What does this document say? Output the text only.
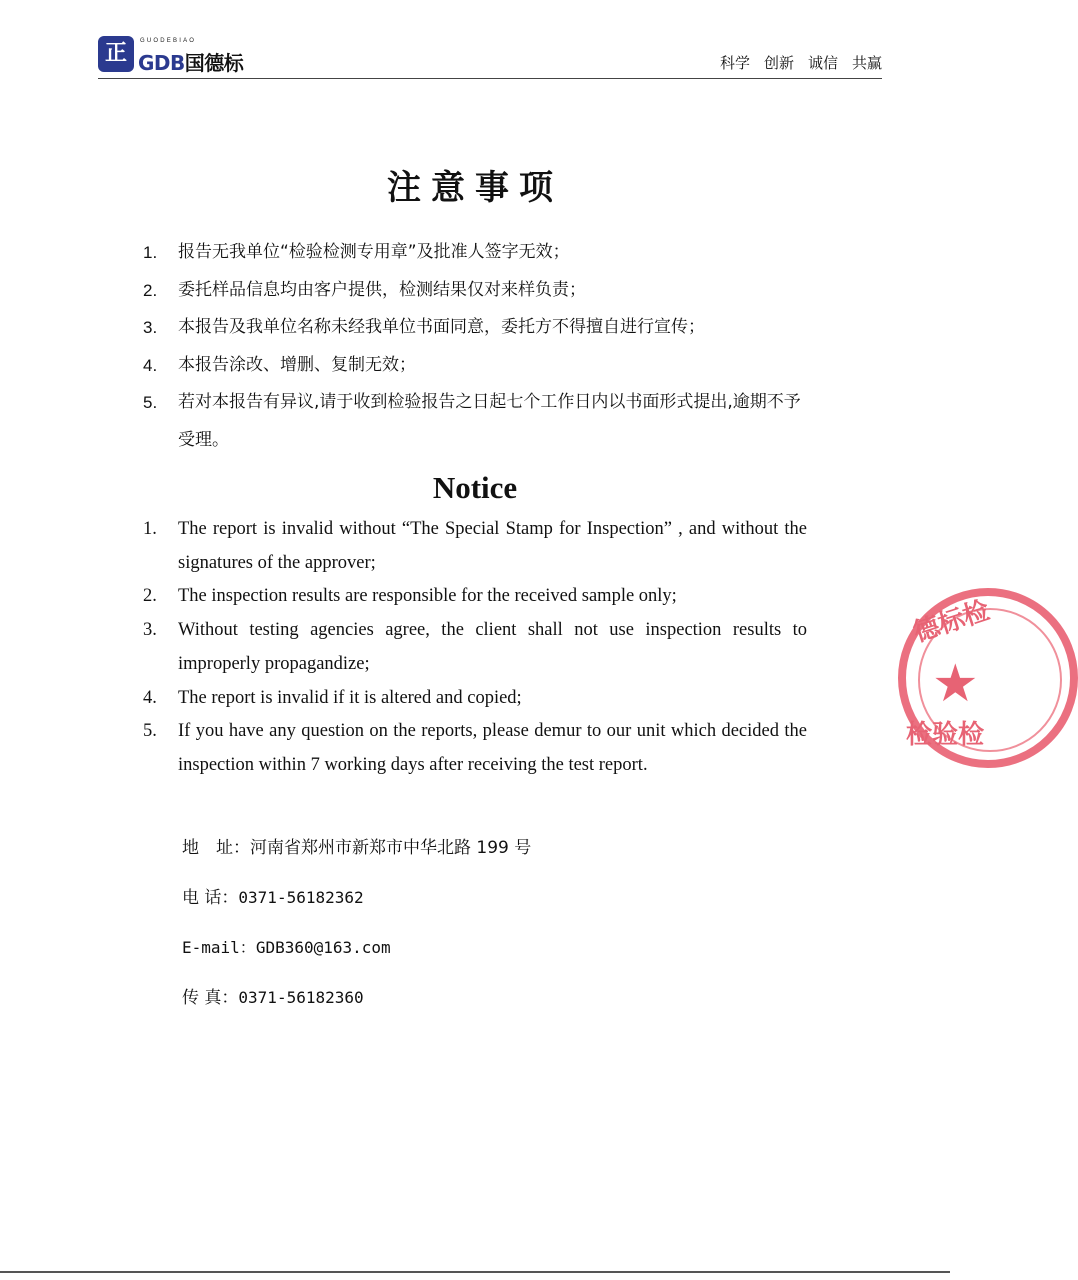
正	GUODEBIAO
GDB国德标	科学 创新 诚信 共赢
注意事项
1. 报告无我单位“检验检测专用章”及批准人签字无效；
2. 委托样品信息均由客户提供，检测结果仅对来样负责；
3. 本报告及我单位名称未经我单位书面同意，委托方不得擅自进行宣传；
4. 本报告涂改、增删、复制无效；
5. 若对本报告有异议,请于收到检验报告之日起七个工作日内以书面形式提出,逾期不予受理。
Notice
1. The report is invalid without “The Special Stamp for Inspection” , and without the signatures of the approver;
2. The inspection results are responsible for the received sample only;
3. Without testing agencies agree, the client shall not use inspection results to improperly propagandize;
4. The report is invalid if it is altered and copied;
5. If you have any question on the reports, please demur to our unit which decided the inspection within 7 working days after receiving the test report.
地　址：河南省郑州市新郑市中华北路 199 号
电 话：0371-56182362
E-mail：GDB360@163.com
传 真：0371-56182360
德标检
★
检验检
